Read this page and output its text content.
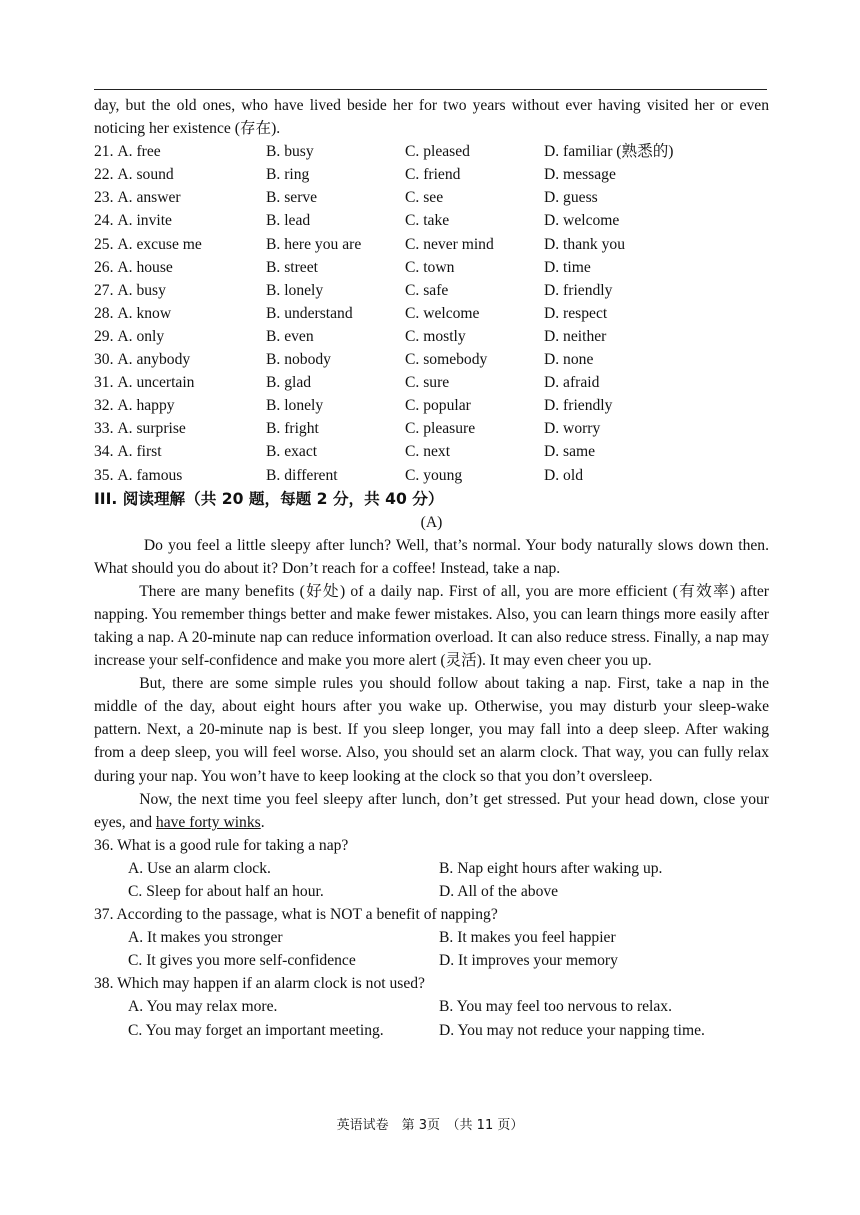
day, but the old ones, who have lived beside her for two years without ever having visited her or even noticing her existence (存在).

21. A. free	B. busy	C. pleased	D. familiar (熟悉的)
22. A. sound	B. ring	C. friend	D. message
23. A. answer	B. serve	C. see	D. guess
24. A. invite	B. lead	C. take	D. welcome
25. A. excuse me	B. here you are	C. never mind	D. thank you
26. A. house	B. street	C. town	D. time
27. A. busy	B. lonely	C. safe	D. friendly
28. A. know	B. understand	C. welcome	D. respect
29. A. only	B. even	C. mostly	D. neither
30. A. anybody	B. nobody	C. somebody	D. none
31. A. uncertain	B. glad	C. sure	D. afraid
32. A. happy	B. lonely	C. popular	D. friendly
33. A. surprise	B. fright	C. pleasure	D. worry
34. A. first	B. exact	C. next	D. same
35. A. famous	B. different	C. young	D. old
III. 阅读理解（共 20 题，每题 2 分，共 40 分）
(A)

Do you feel a little sleepy after lunch? Well, that’s normal. Your body naturally slows down then. What should you do about it? Don’t reach for a coffee! Instead, take a nap.

There are many benefits (好处) of a daily nap. First of all, you are more efficient (有效率) after napping. You remember things better and make fewer mistakes. Also, you can learn things more easily after taking a nap. A 20-minute nap can reduce information overload. It can also reduce stress. Finally, a nap may increase your self-confidence and make you more alert (灵活). It may even cheer you up.

But, there are some simple rules you should follow about taking a nap. First, take a nap in the middle of the day, about eight hours after you wake up. Otherwise, you may disturb your sleep-wake pattern. Next, a 20-minute nap is best. If you sleep longer, you may fall into a deep sleep. After waking from a deep sleep, you will feel worse. Also, you should set an alarm clock. That way, you can fully relax during your nap. You won’t have to keep looking at the clock so that you don’t oversleep.

Now, the next time you feel sleepy after lunch, don’t get stressed. Put your head down, close your eyes, and have forty winks.

36. What is a good rule for taking a nap?
A. Use an alarm clock.	B. Nap eight hours after waking up.
C. Sleep for about half an hour.	D. All of the above
37. According to the passage, what is NOT a benefit of napping?
A. It makes you stronger	B. It makes you feel happier
C. It gives you more self-confidence	D. It improves your memory
38. Which may happen if an alarm clock is not used?
A. You may relax more.	B. You may feel too nervous to relax.
C. You may forget an important meeting.	D. You may not reduce your napping time.
英语试卷　第 3页　（共 11 页）
